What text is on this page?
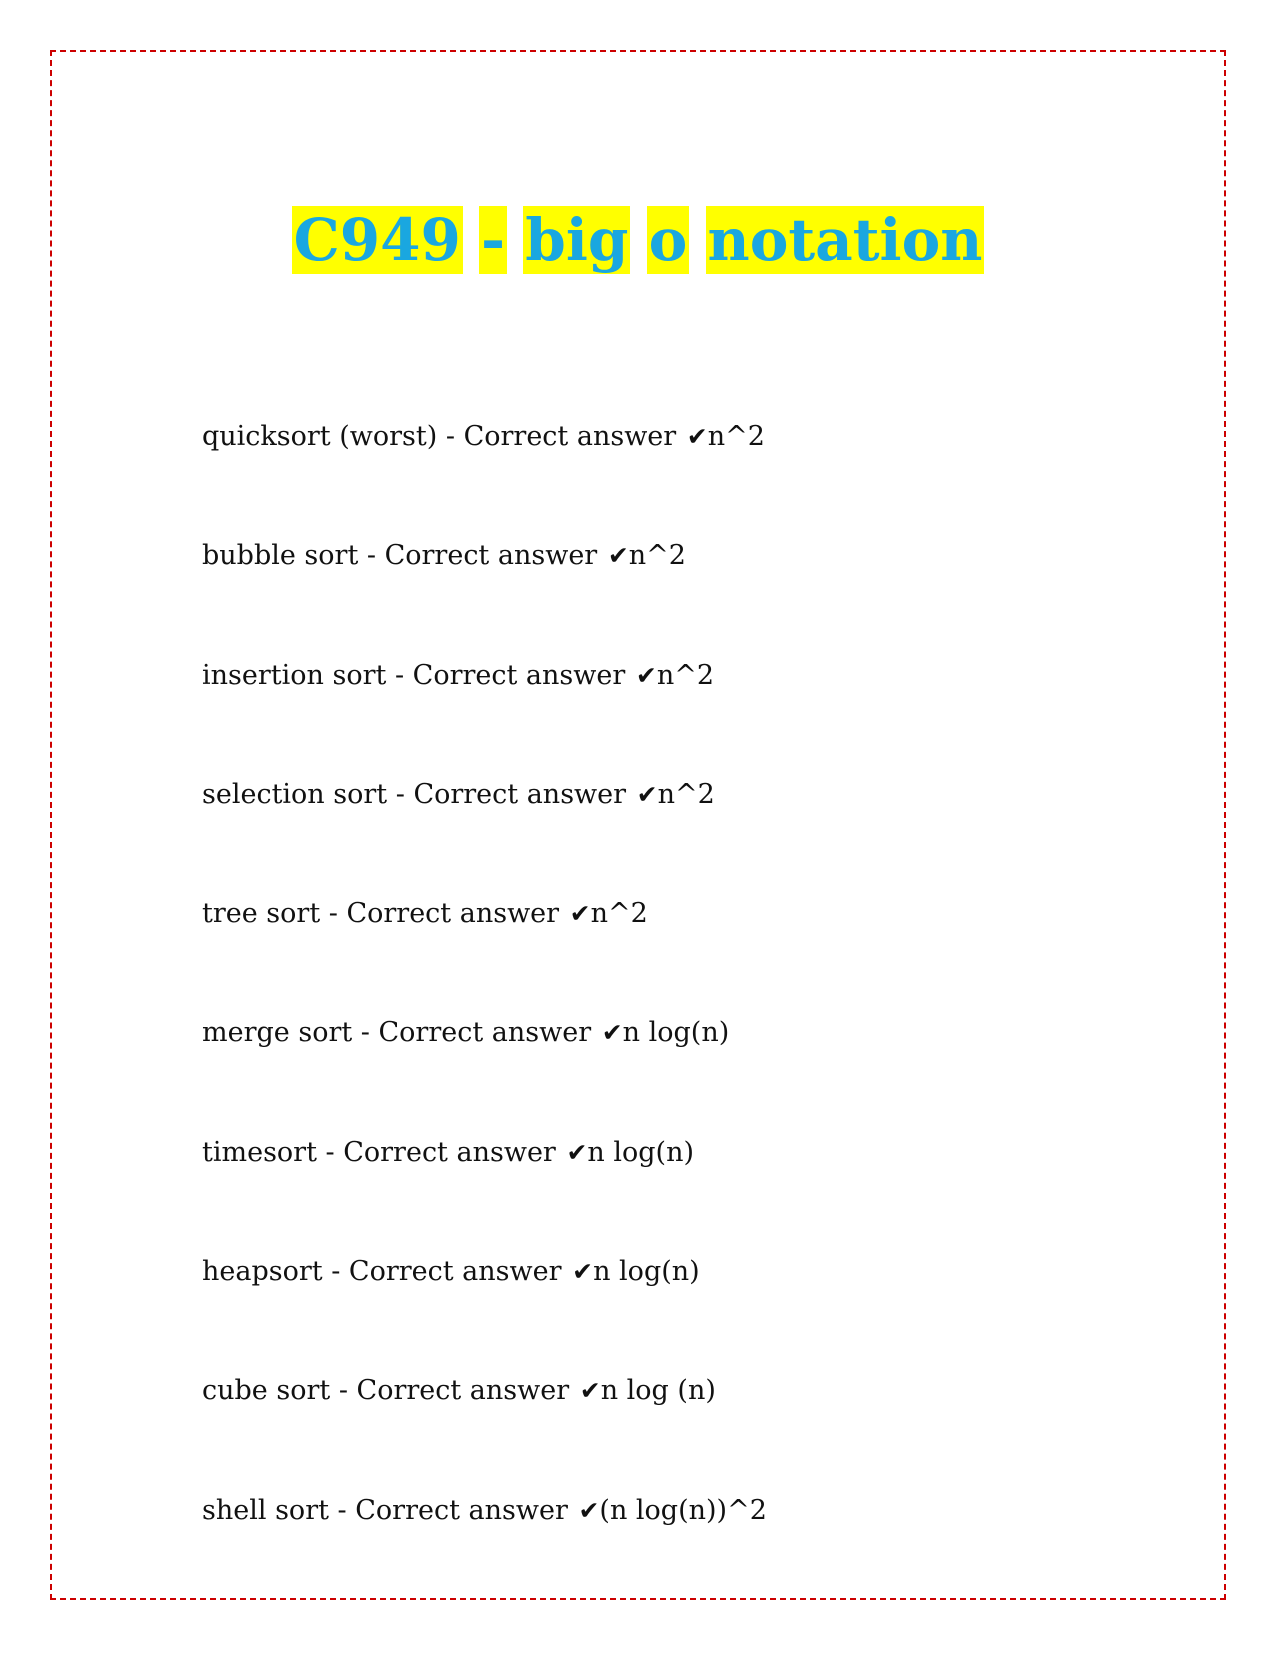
C949 - big o notation
quicksort (worst) - Correct answer ✔n^2
bubble sort - Correct answer ✔n^2
insertion sort - Correct answer ✔n^2
selection sort - Correct answer ✔n^2
tree sort - Correct answer ✔n^2
merge sort - Correct answer ✔n log(n)
timesort - Correct answer ✔n log(n)
heapsort - Correct answer ✔n log(n)
cube sort - Correct answer ✔n log (n)
shell sort - Correct answer ✔(n log(n))^2
